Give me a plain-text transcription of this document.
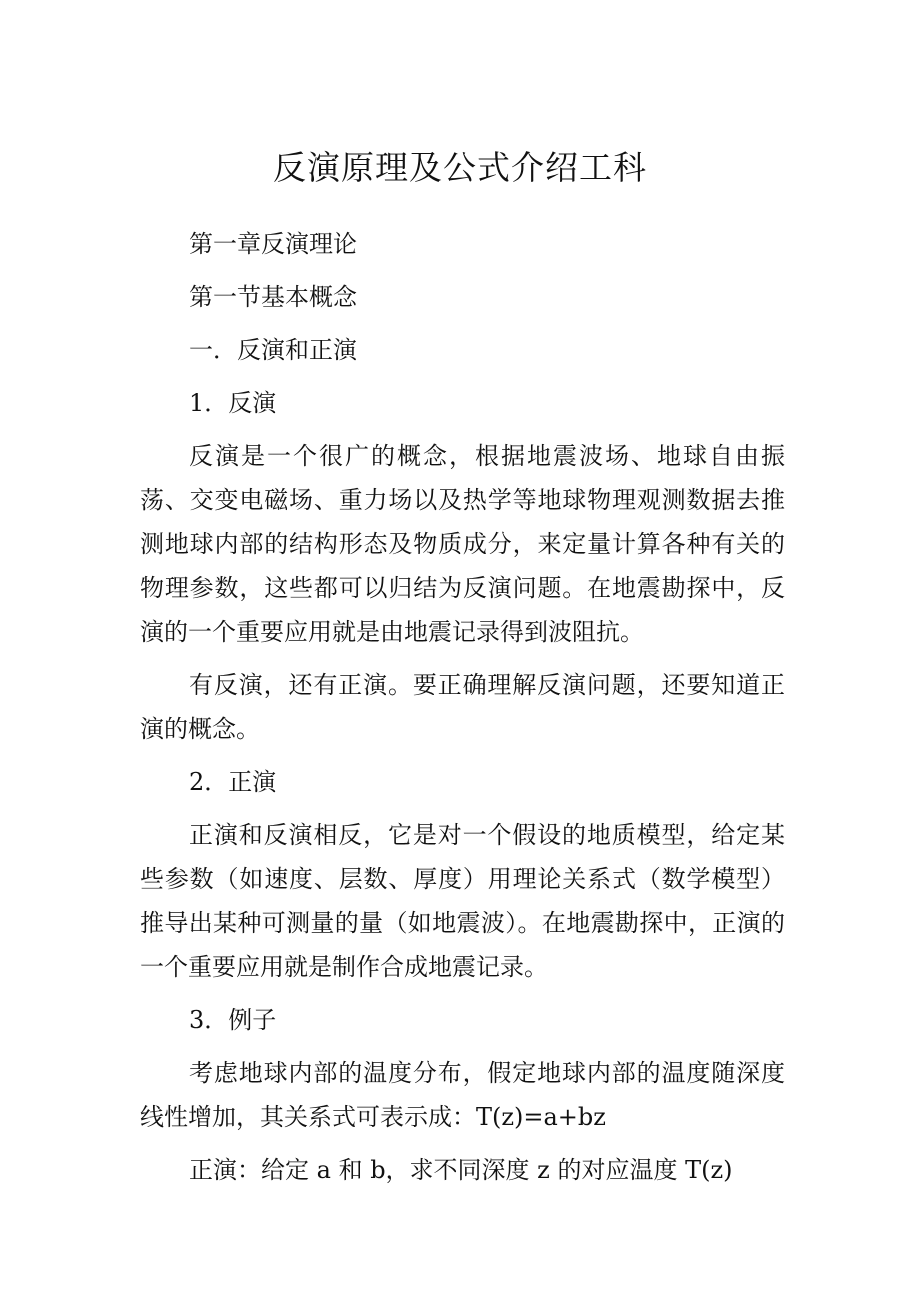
反演原理及公式介绍工科

第一章反演理论

第一节基本概念

一．反演和正演

1．反演

反演是一个很广的概念，根据地震波场、地球自由振荡、交变电磁场、重力场以及热学等地球物理观测数据去推测地球内部的结构形态及物质成分，来定量计算各种有关的物理参数，这些都可以归结为反演问题。在地震勘探中，反演的一个重要应用就是由地震记录得到波阻抗。

有反演，还有正演。要正确理解反演问题，还要知道正演的概念。

2．正演

正演和反演相反，它是对一个假设的地质模型，给定某些参数（如速度、层数、厚度）用理论关系式（数学模型）推导出某种可测量的量（如地震波）。在地震勘探中，正演的一个重要应用就是制作合成地震记录。

3．例子

考虑地球内部的温度分布，假定地球内部的温度随深度线性增加，其关系式可表示成：T(z)=a+bz

正演：给定 a 和 b，求不同深度 z 的对应温度 T(z)
